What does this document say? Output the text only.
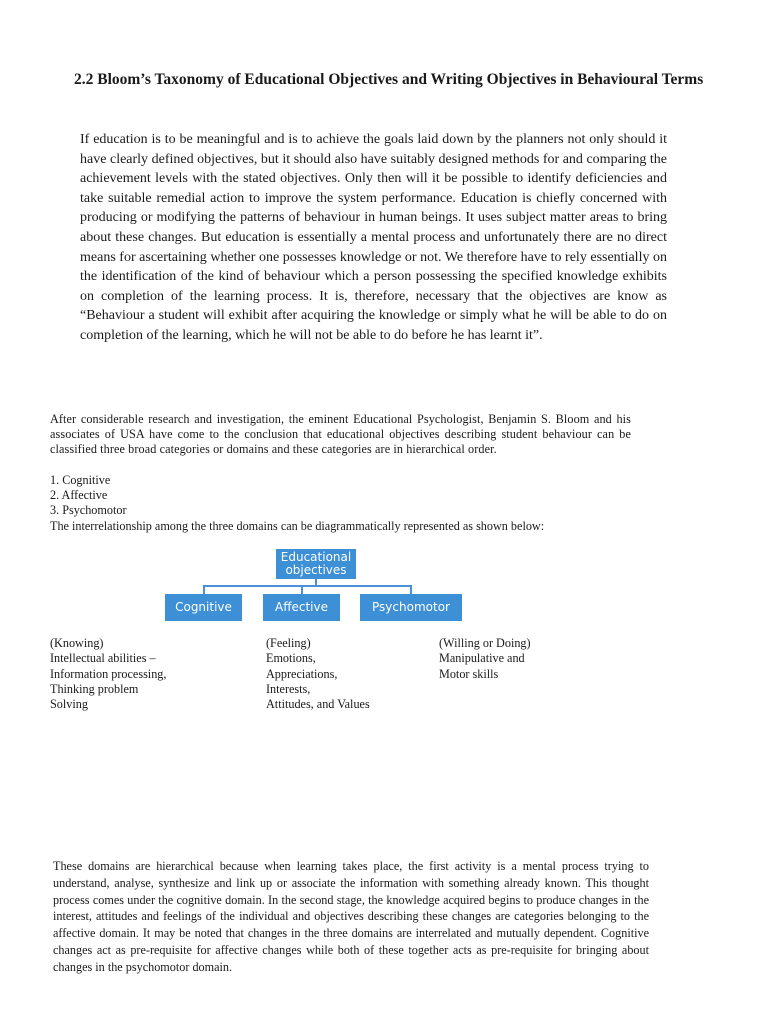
2.2 Bloom’s Taxonomy of Educational Objectives and Writing Objectives in Behavioural Terms

If education is to be meaningful and is to achieve the goals laid down by the planners not only should it have clearly defined objectives, but it should also have suitably designed methods for and comparing the achievement levels with the stated objectives. Only then will it be possible to identify deficiencies and take suitable remedial action to improve the system performance. Education is chiefly concerned with producing or modifying the patterns of behaviour in human beings. It uses subject matter areas to bring about these changes. But education is essentially a mental process and unfortunately there are no direct means for ascertaining whether one possesses knowledge or not. We therefore have to rely essentially on the identification of the kind of behaviour which a person possessing the specified knowledge exhibits on completion of the learning process. It is, therefore, necessary that the objectives are know as “Behaviour a student will exhibit after acquiring the knowledge or simply what he will be able to do on completion of the learning, which he will not be able to do before he has learnt it”.

After considerable research and investigation, the eminent Educational Psychologist, Benjamin S. Bloom and his associates of USA have come to the conclusion that educational objectives describing student behaviour can be classified three broad categories or domains and these categories are in hierarchical order.

1. Cognitive
2. Affective
3. Psychomotor

The interrelationship among the three domains can be diagrammatically represented as shown below:

Educational
objectives
Cognitive	Affective	Psychomotor
(Knowing)
Intellectual abilities –
Information processing,
Thinking problem
Solving
(Feeling)
Emotions,
Appreciations,
Interests,
Attitudes, and Values
(Willing or Doing)
Manipulative and
Motor skills

These domains are hierarchical because when learning takes place, the first activity is a mental process trying to understand, analyse, synthesize and link up or associate the information with something already known. This thought process comes under the cognitive domain. In the second stage, the knowledge acquired begins to produce changes in the interest, attitudes and feelings of the individual and objectives describing these changes are categories belonging to the affective domain. It may be noted that changes in the three domains are interrelated and mutually dependent. Cognitive changes act as pre-requisite for affective changes while both of these together acts as pre-requisite for bringing about changes in the psychomotor domain.
